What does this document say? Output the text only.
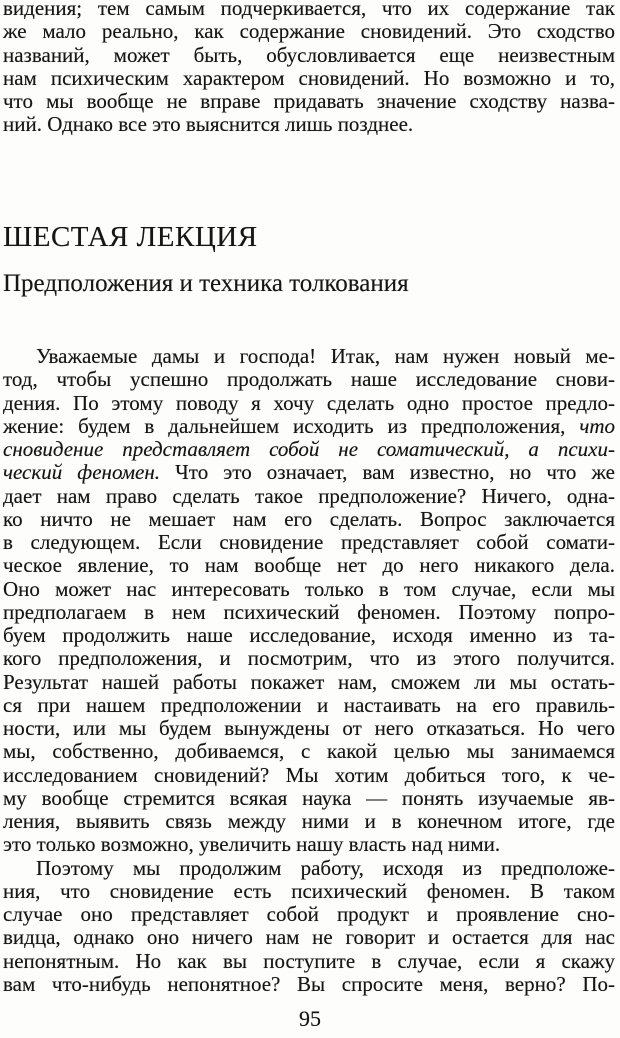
видения; тем самым подчеркивается, что их содержание так
же мало реально, как содержание сновидений. Это сходство
названий, может быть, обусловливается еще неизвестным
нам психическим характером сновидений. Но возможно и то,
что мы вообще не вправе придавать значение сходству назва-
ний. Однако все это выяснится лишь позднее.
ШЕСТАЯ ЛЕКЦИЯ
Предположения и техника толкования
Уважаемые дамы и господа! Итак, нам нужен новый ме-
тод, чтобы успешно продолжать наше исследование снови-
дения. По этому поводу я хочу сделать одно простое предло-
жение: будем в дальнейшем исходить из предположения, что
сновидение представляет собой не соматический, а психи-
ческий феномен. Что это означает, вам известно, но что же
дает нам право сделать такое предположение? Ничего, одна-
ко ничто не мешает нам его сделать. Вопрос заключается
в следующем. Если сновидение представляет собой сомати-
ческое явление, то нам вообще нет до него никакого дела.
Оно может нас интересовать только в том случае, если мы
предполагаем в нем психический феномен. Поэтому попро-
буем продолжить наше исследование, исходя именно из та-
кого предположения, и посмотрим, что из этого получится.
Результат нашей работы покажет нам, сможем ли мы остать-
ся при нашем предположении и настаивать на его правиль-
ности, или мы будем вынуждены от него отказаться. Но чего
мы, собственно, добиваемся, с какой целью мы занимаемся
исследованием сновидений? Мы хотим добиться того, к че-
му вообще стремится всякая наука — понять изучаемые яв-
ления, выявить связь между ними и в конечном итоге, где
это только возможно, увеличить нашу власть над ними.
Поэтому мы продолжим работу, исходя из предположе-
ния, что сновидение есть психический феномен. В таком
случае оно представляет собой продукт и проявление сно-
видца, однако оно ничего нам не говорит и остается для нас
непонятным. Но как вы поступите в случае, если я скажу
вам что-нибудь непонятное? Вы спросите меня, верно? По-
95
